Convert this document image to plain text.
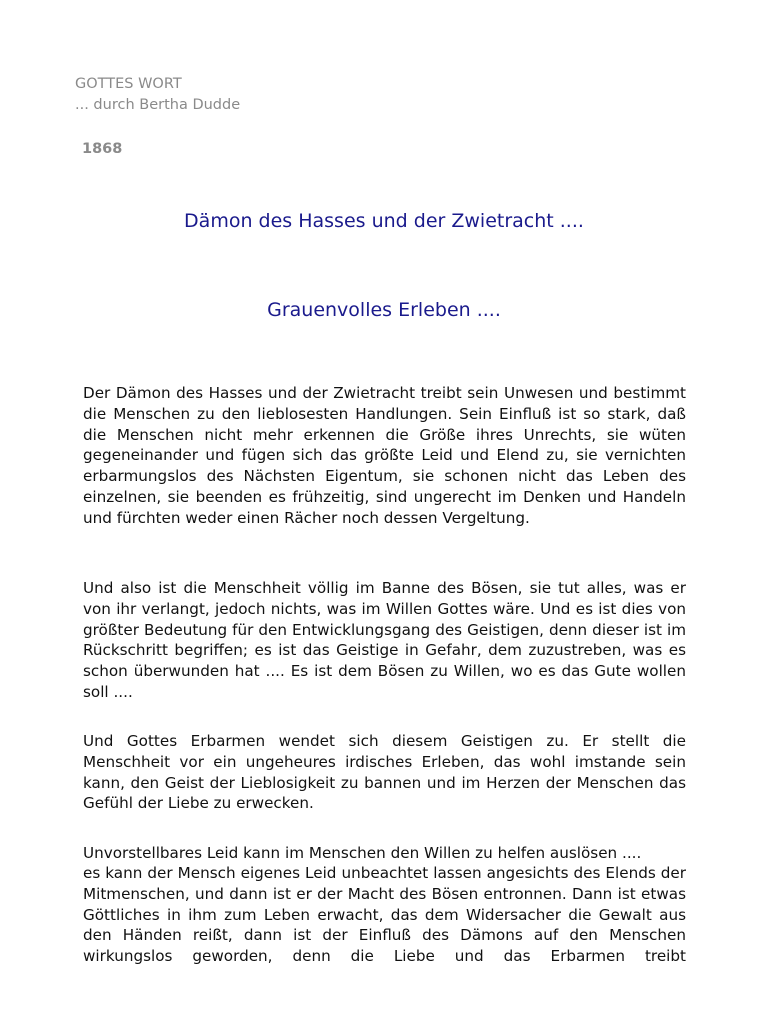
GOTTES WORT
... durch Bertha Dudde
1868
Dämon des Hasses und der Zwietracht ....
Grauenvolles Erleben ....
Der Dämon des Hasses und der Zwietracht treibt sein Unwesen und bestimmt die Menschen zu den lieblosesten Handlungen. Sein Einfluß ist so stark, daß die Menschen nicht mehr erkennen die Größe ihres Unrechts, sie wüten gegeneinander und fügen sich das größte Leid und Elend zu, sie vernichten erbarmungslos des Nächsten Eigentum, sie schonen nicht das Leben des einzelnen, sie beenden es frühzeitig, sind ungerecht im Denken und Handeln und fürchten weder einen Rächer noch dessen Vergeltung.
Und also ist die Menschheit völlig im Banne des Bösen, sie tut alles, was er von ihr verlangt, jedoch nichts, was im Willen Gottes wäre. Und es ist dies von größter Bedeutung für den Entwicklungsgang des Geistigen, denn dieser ist im Rückschritt begriffen; es ist das Geistige in Gefahr, dem zuzustreben, was es schon überwunden hat .... Es ist dem Bösen zu Willen, wo es das Gute wollen soll ....
Und Gottes Erbarmen wendet sich diesem Geistigen zu. Er stellt die Menschheit vor ein ungeheures irdisches Erleben, das wohl imstande sein kann, den Geist der Lieblosigkeit zu bannen und im Herzen der Menschen das Gefühl der Liebe zu erwecken.
Unvorstellbares Leid kann im Menschen den Willen zu helfen auslösen ....
es kann der Mensch eigenes Leid unbeachtet lassen angesichts des Elends der Mitmenschen, und dann ist er der Macht des Bösen entronnen. Dann ist etwas Göttliches in ihm zum Leben erwacht, das dem Widersacher die Gewalt aus den Händen reißt, dann ist der Einfluß des Dämons auf den Menschen wirkungslos geworden, denn die Liebe und das Erbarmen treibt
